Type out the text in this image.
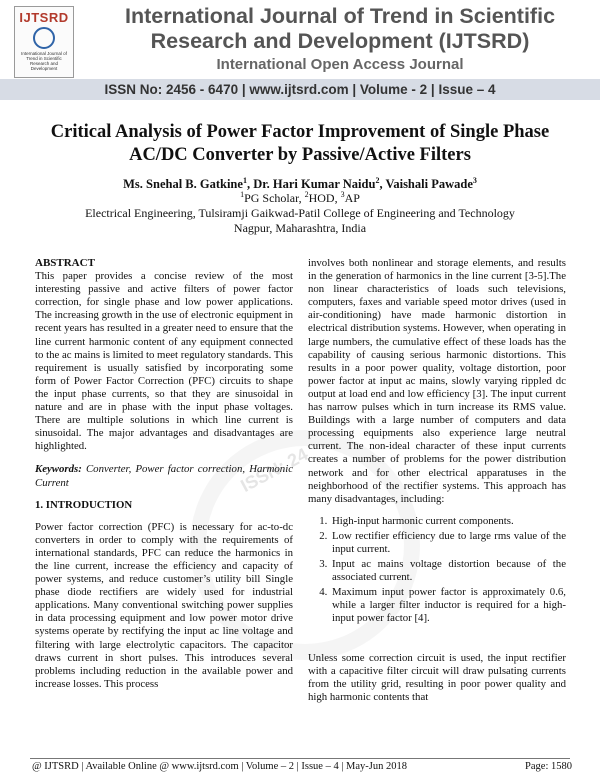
IJTSRD
International Journal of Trend in Scientific Research and Development
International Journal of Trend in Scientific
Research and Development (IJTSRD)
International Open Access Journal
ISSN No: 2456 - 6470 | www.ijtsrd.com | Volume - 2 | Issue – 4
ISSN: 24
Critical Analysis of Power Factor Improvement of Single Phase
AC/DC Converter by Passive/Active Filters
Ms. Snehal B. Gatkine$^1$, Dr. Hari Kumar Naidu$^2$, Vaishali Pawade$^3$
$^1$PG Scholar, $^2$HOD, $^3$AP
Electrical Engineering, Tulsiramji Gaikwad-Patil College of Engineering and Technology
Nagpur, Maharashtra, India

ABSTRACT

This paper provides a concise review of the most interesting passive and active filters of power factor correction, for single phase and low power applications. The increasing growth in the use of electronic equipment in recent years has resulted in a greater need to ensure that the line current harmonic content of any equipment connected to the ac mains is limited to meet regulatory standards. This requirement is usually satisfied by incorporating some form of Power Factor Correction (PFC) circuits to shape the input phase currents, so that they are sinusoidal in nature and are in phase with the input phase voltages. There are multiple solutions in which line current is sinusoidal. The major advantages and disadvantages are highlighted.

Keywords: Converter, Power factor correction, Harmonic Current

1. INTRODUCTION

Power factor correction (PFC) is necessary for ac-to-dc converters in order to comply with the requirements of international standards, PFC can reduce the harmonics in the line current, increase the efficiency and capacity of power systems, and reduce customer’s utility bill Single phase diode rectifiers are widely used for industrial applications. Many conventional switching power supplies in data processing equipment and low power motor drive systems operate by rectifying the input ac line voltage and filtering with large electrolytic capacitors. The capacitor draws current in short pulses. This introduces several problems including reduction in the available power and increase losses. This process

involves both nonlinear and storage elements, and results in the generation of harmonics in the line current [3-5].The non linear characteristics of loads such televisions, computers, faxes and variable speed motor drives (used in air-conditioning) have made harmonic distortion in electrical distribution systems. However, when operating in large numbers, the cumulative effect of these loads has the capability of causing serious harmonic distortions. This results in a poor power quality, voltage distortion, poor power factor at input ac mains, slowly varying rippled dc output at load end and low efficiency [3]. The input current has narrow pulses which in turn increase its RMS value. Buildings with a large number of computers and data processing equipments also experience large neutral current. The non-ideal character of these input currents creates a number of problems for the power distribution network and for other electrical apparatuses in the neighborhood of the rectifier systems. This approach has many disadvantages, including:

1. High-input harmonic current components.
2. Low rectifier efficiency due to large rms value of the input current.
3. Input ac mains voltage distortion because of the associated current.
4. Maximum input power factor is approximately 0.6, while a larger filter inductor is required for a high-input power factor [4].

Unless some correction circuit is used, the input rectifier with a capacitive filter circuit will draw pulsating currents from the utility grid, resulting in poor power quality and high harmonic contents that

@ IJTSRD | Available Online @ www.ijtsrd.com | Volume – 2 | Issue – 4 | May-Jun 2018	Page: 1580
